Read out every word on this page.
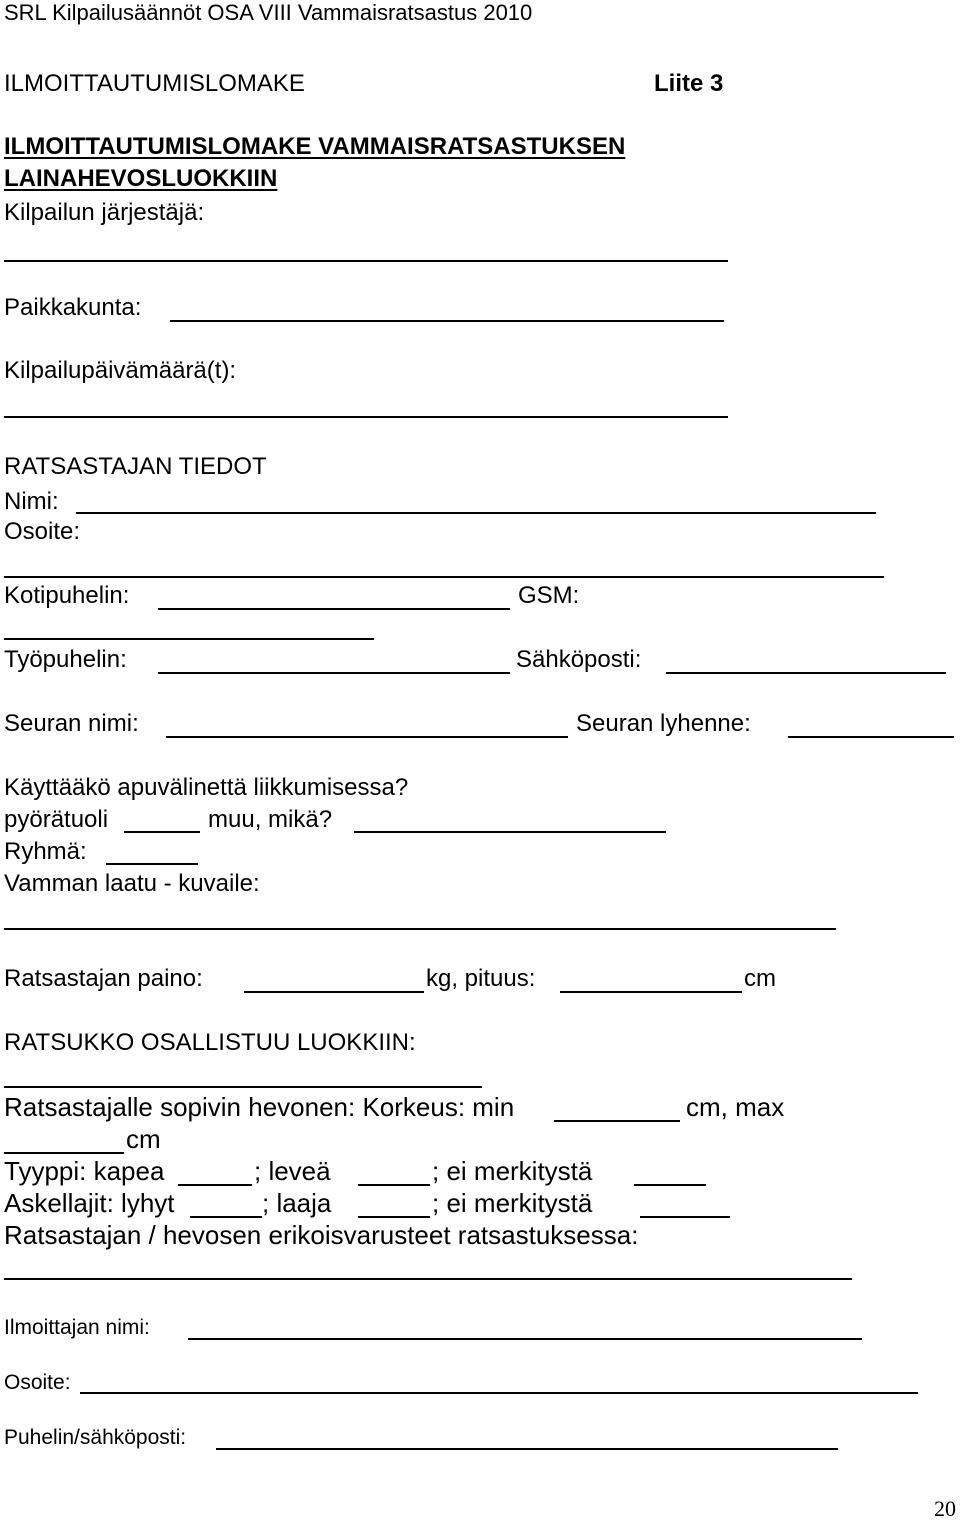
SRL Kilpailusäännöt OSA VIII Vammaisratsastus 2010
ILMOITTAUTUMISLOMAKE	Liite 3
ILMOITTAUTUMISLOMAKE VAMMAISRATSASTUKSEN
LAINAHEVOSLUOKKIIN
Kilpailun järjestäjä:
Paikkakunta:
Kilpailupäivämäärä(t):
RATSASTAJAN TIEDOT
Nimi:
Osoite:
Kotipuhelin:	GSM:
Työpuhelin:	Sähköposti:
Seuran nimi:	Seuran lyhenne:
Käyttääkö apuvälinettä liikkumisessa?
pyörätuoli	muu, mikä?
Ryhmä:
Vamman laatu - kuvaile:
Ratsastajan paino:	kg, pituus:	cm
RATSUKKO OSALLISTUU LUOKKIIN:
Ratsastajalle sopivin hevonen: Korkeus: min	cm, max
cm
Tyyppi: kapea	; leveä	; ei merkitystä
Askellajit: lyhyt	; laaja	; ei merkitystä
Ratsastajan / hevosen erikoisvarusteet ratsastuksessa:
Ilmoittajan nimi:
Osoite:
Puhelin/sähköposti:
20
